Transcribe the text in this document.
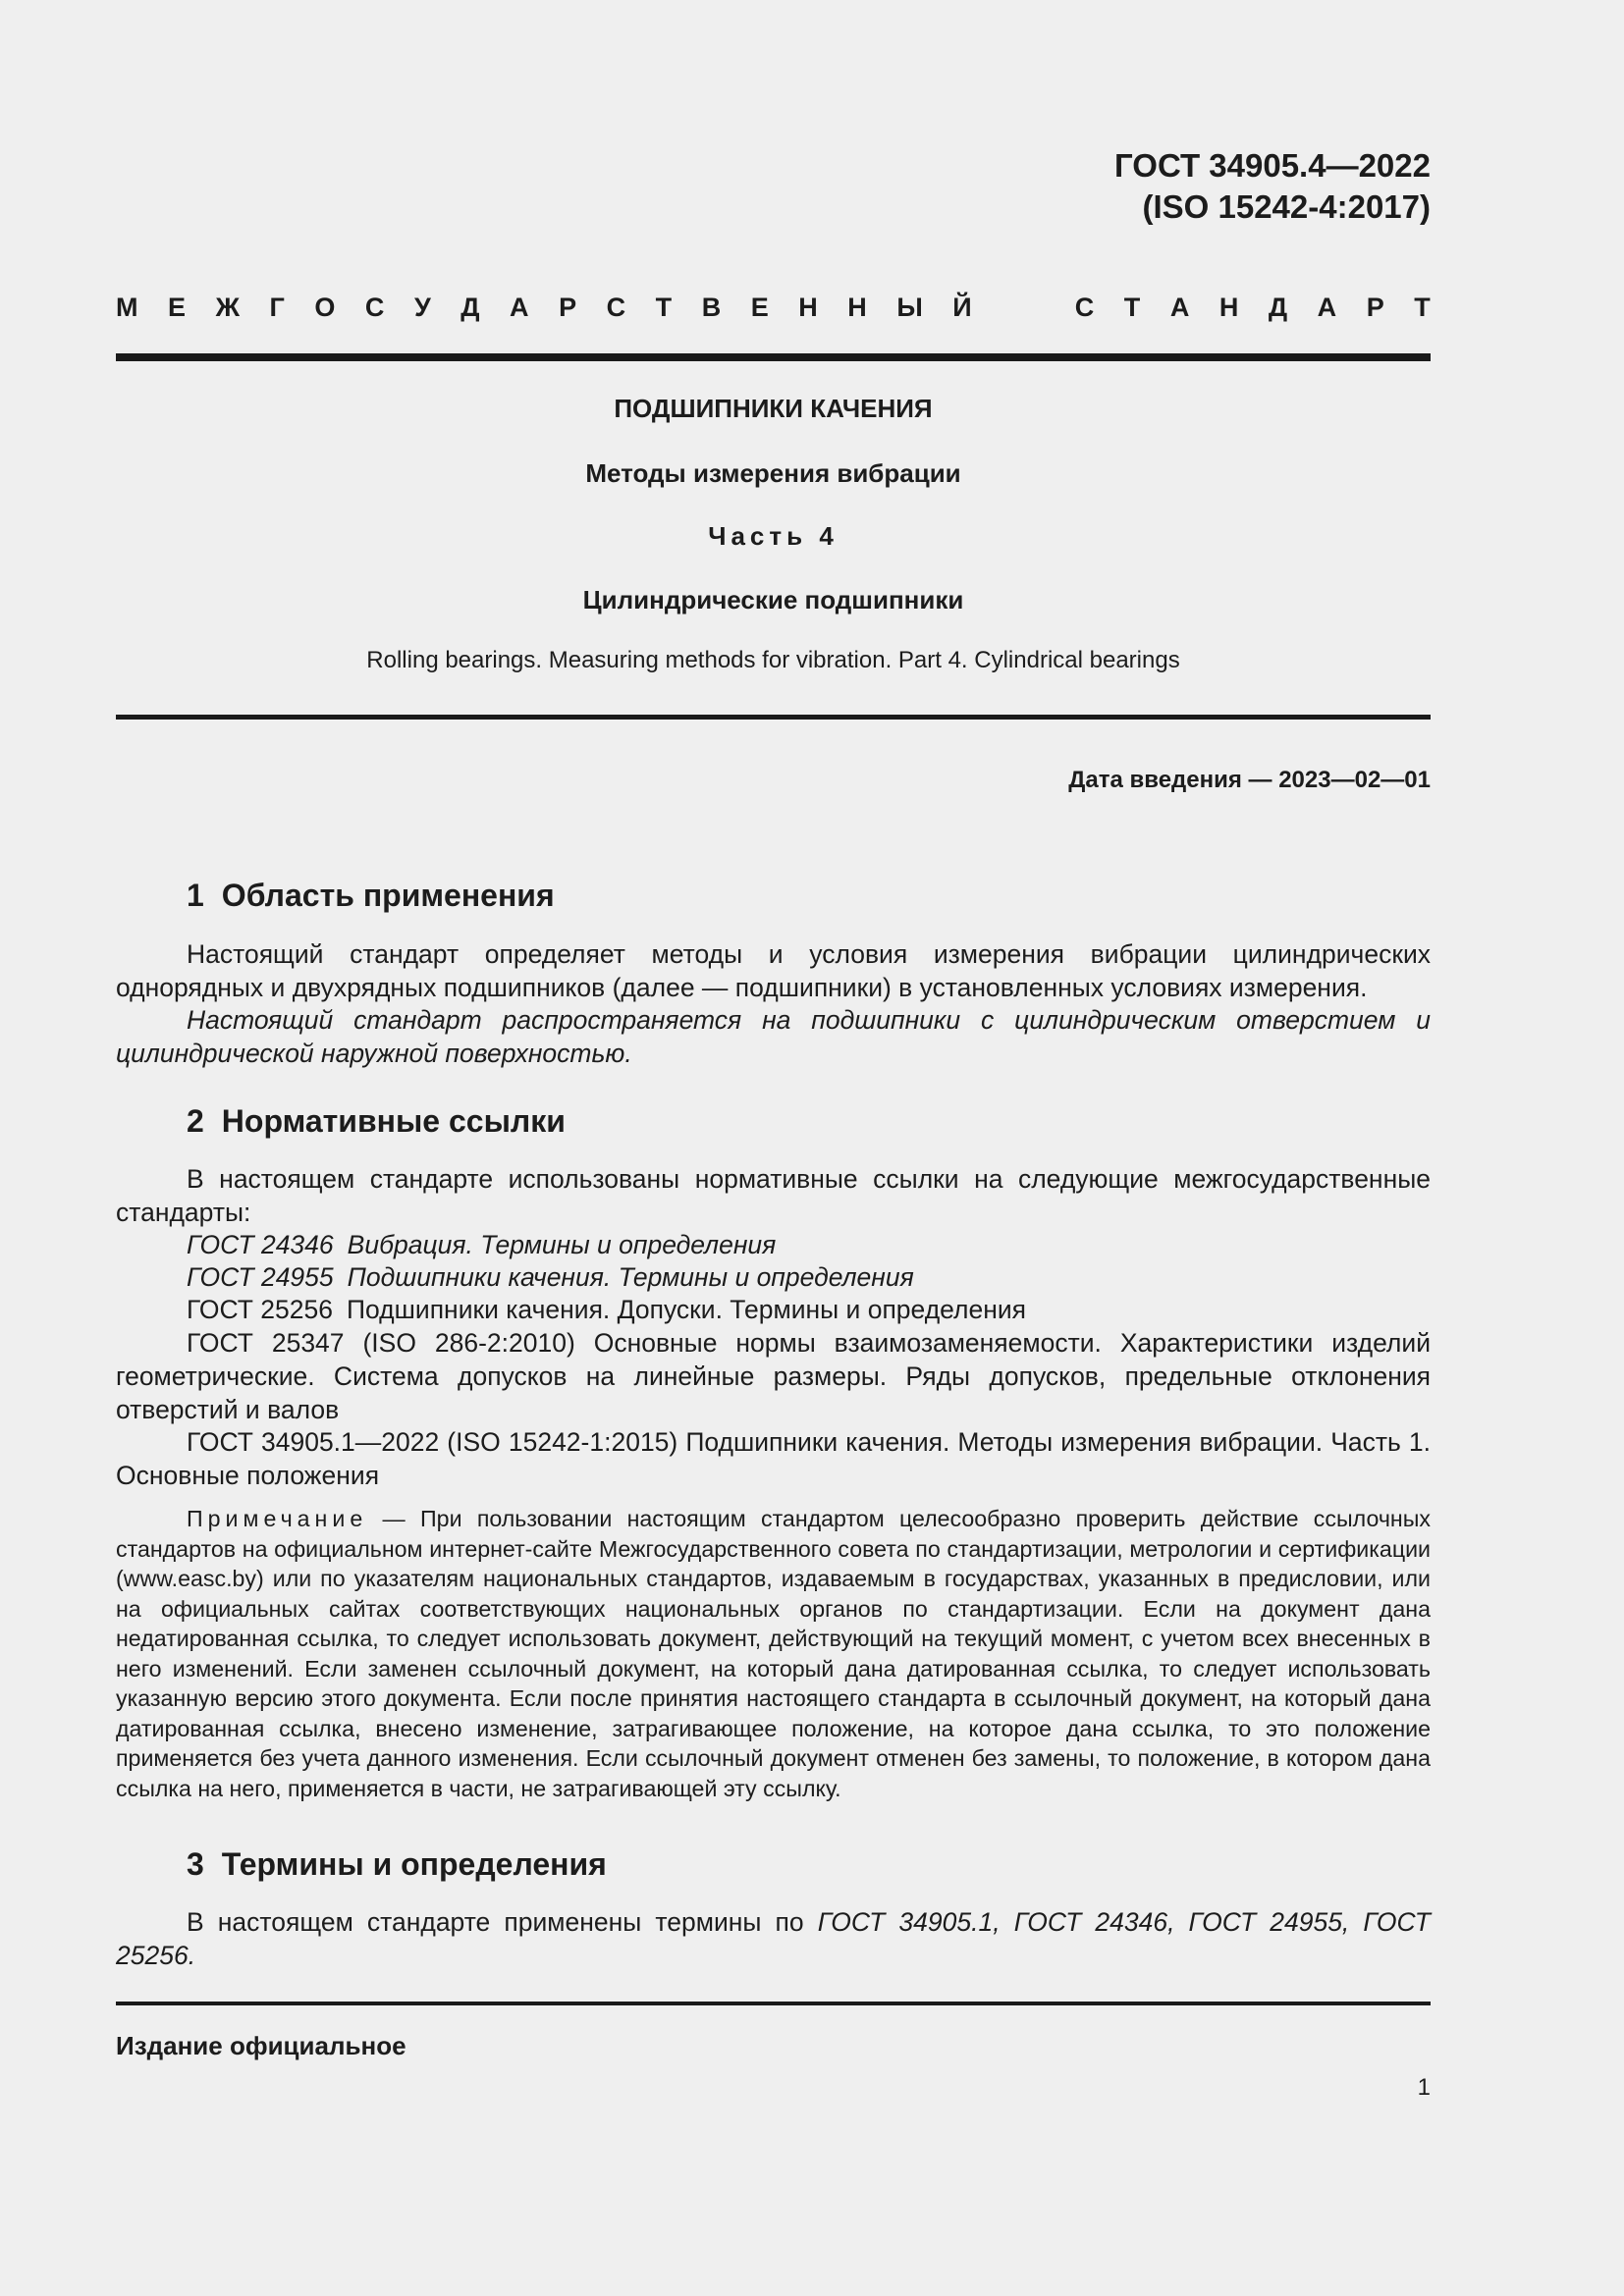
ГОСТ 34905.4—2022
(ISO 15242-4:2017)
М Е Ж Г О С У Д А Р С Т В Е Н Н Ы Й	С Т А Н Д А Р Т
ПОДШИПНИКИ КАЧЕНИЯ
Методы измерения вибрации
Часть 4
Цилиндрические подшипники
Rolling bearings. Measuring methods for vibration. Part 4. Cylindrical bearings
Дата введения — 2023—02—01
1 Область применения
Настоящий стандарт определяет методы и условия измерения вибрации цилиндрических однорядных и двухрядных подшипников (далее — подшипники) в установленных условиях измерения.
Настоящий стандарт распространяется на подшипники с цилиндрическим отверстием и цилиндрической наружной поверхностью.
2 Нормативные ссылки
В настоящем стандарте использованы нормативные ссылки на следующие межгосударственные стандарты:
ГОСТ 24346 Вибрация. Термины и определения
ГОСТ 24955 Подшипники качения. Термины и определения
ГОСТ 25256 Подшипники качения. Допуски. Термины и определения
ГОСТ 25347 (ISO 286-2:2010) Основные нормы взаимозаменяемости. Характеристики изделий геометрические. Система допусков на линейные размеры. Ряды допусков, предельные отклонения отверстий и валов
ГОСТ 34905.1—2022 (ISO 15242-1:2015) Подшипники качения. Методы измерения вибрации. Часть 1. Основные положения
Примечание — При пользовании настоящим стандартом целесообразно проверить действие ссылочных стандартов на официальном интернет-сайте Межгосударственного совета по стандартизации, метрологии и сертификации (www.easc.by) или по указателям национальных стандартов, издаваемым в государствах, указанных в предисловии, или на официальных сайтах соответствующих национальных органов по стандартизации. Если на документ дана недатированная ссылка, то следует использовать документ, действующий на текущий момент, с учетом всех внесенных в него изменений. Если заменен ссылочный документ, на который дана датированная ссылка, то следует использовать указанную версию этого документа. Если после принятия настоящего стандарта в ссылочный документ, на который дана датированная ссылка, внесено изменение, затрагивающее положение, на которое дана ссылка, то это положение применяется без учета данного изменения. Если ссылочный документ отменен без замены, то положение, в котором дана ссылка на него, применяется в части, не затрагивающей эту ссылку.
3 Термины и определения
В настоящем стандарте применены термины по ГОСТ 34905.1, ГОСТ 24346, ГОСТ 24955, ГОСТ 25256.
Издание официальное
1
